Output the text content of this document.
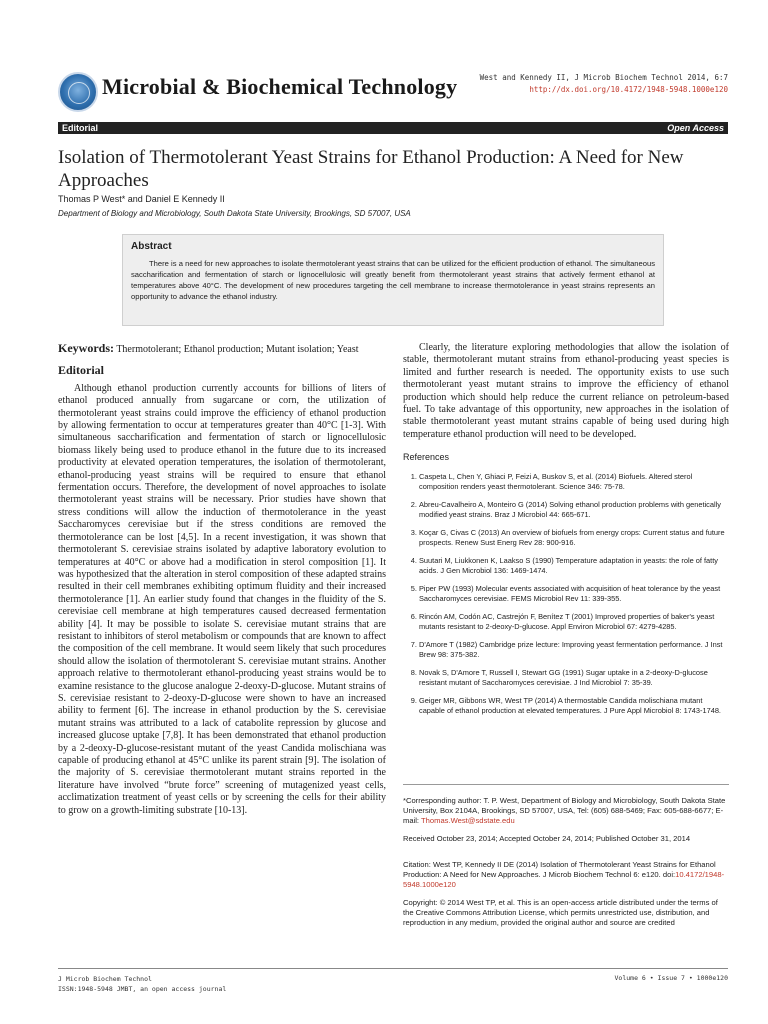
Microbial & Biochemical Technology	West and Kennedy II, J Microb Biochem Technol 2014, 6:7
http://dx.doi.org/10.4172/1948-5948.1000e120
Editorial	Open Access
Isolation of Thermotolerant Yeast Strains for Ethanol Production: A Need for New Approaches
Thomas P West* and Daniel E Kennedy II
Department of Biology and Microbiology, South Dakota State University, Brookings, SD 57007, USA
Abstract

There is a need for new approaches to isolate thermotolerant yeast strains that can be utilized for the efficient production of ethanol. The simultaneous saccharification and fermentation of starch or lignocellulosic will greatly benefit from thermotolerant yeast strains that actively ferment ethanol at temperatures above 40°C. The development of new procedures targeting the cell membrane to increase thermotolerance in yeast strains represents an opportunity to advance the ethanol industry.

Keywords: Thermotolerant; Ethanol production; Mutant isolation; Yeast
Editorial

Although ethanol production currently accounts for billions of liters of ethanol produced annually from sugarcane or corn, the utilization of thermotolerant yeast strains could improve the efficiency of ethanol production by allowing fermentation to occur at temperatures greater than 40°C [1-3]. With simultaneous saccharification and fermentation of starch or lignocellulosic biomass likely being used to produce ethanol in the future due to its increased productivity at elevated operation temperatures, the isolation of thermotolerant, ethanol-producing yeast strains will be required to ensure that ethanol fermentation occurs. Therefore, the development of novel approaches to isolate thermotolerant yeast strains will be necessary. Prior studies have shown that stress conditions will allow the induction of thermotolerance in the yeast Saccharomyces cerevisiae but if the stress conditions are removed the thermotolerance can be lost [4,5]. In a recent investigation, it was shown that thermotolerant S. cerevisiae strains isolated by adaptive laboratory evolution to temperatures at 40°C or above had a modification in sterol composition [1]. It was hypothesized that the alteration in sterol composition of these adapted strains resulted in their cell membranes exhibiting optimum fluidity and their increased thermotolerance [1]. An earlier study found that changes in the fluidity of the S. cerevisiae cell membrane at high temperatures caused decreased fermentation ability [4]. It may be possible to isolate S. cerevisiae mutant strains that are resistant to inhibitors of sterol metabolism or compounds that are known to affect the composition of the cell membrane. It would seem likely that such procedures should allow the isolation of thermotolerant S. cerevisiae mutant strains. Another approach relative to thermotolerant ethanol-producing yeast strains would be to examine resistance to the glucose analogue 2-deoxy-D-glucose. Mutant strains of S. cerevisiae resistant to 2-deoxy-D-glucose were shown to have an increased ability to ferment [6]. The increase in ethanol production by the S. cerevisiae mutant strains was attributed to a lack of catabolite repression by glucose and increased glucose uptake [7,8]. It has been demonstrated that ethanol production by a 2-deoxy-D-glucose-resistant mutant of the yeast Candida molischiana was capable of producing ethanol at 45°C unlike its parent strain [9]. The isolation of the majority of S. cerevisiae thermotolerant mutant strains reported in the literature have involved “brute force” screening of mutagenized yeast cells, acclimatization treatment of yeast cells or by screening the cells for their ability to grow on a growth-limiting substrate [10-13].

Clearly, the literature exploring methodologies that allow the isolation of stable, thermotolerant mutant strains from ethanol-producing yeast species is limited and further research is needed. The opportunity exists to use such thermotolerant yeast mutant strains to improve the efficiency of ethanol production which should help reduce the current reliance on petroleum-based fuel. To take advantage of this opportunity, new approaches in the isolation of stable thermotolerant yeast mutant strains capable of being used during high temperature ethanol production will need to be developed.

References
1. Caspeta L, Chen Y, Ghiaci P, Feizi A, Buskov S, et al. (2014) Biofuels. Altered sterol composition renders yeast thermotolerant. Science 346: 75-78.
2. Abreu-Cavalheiro A, Monteiro G (2014) Solving ethanol production problems with genetically modified yeast strains. Braz J Microbiol 44: 665-671.
3. Koçar G, Civas C (2013) An overview of biofuels from energy crops: Current status and future prospects. Renew Sust Energ Rev 28: 900-916.
4. Suutari M, Liukkonen K, Laakso S (1990) Temperature adaptation in yeasts: the role of fatty acids. J Gen Microbiol 136: 1469-1474.
5. Piper PW (1993) Molecular events associated with acquisition of heat tolerance by the yeast Saccharomyces cerevisiae. FEMS Microbiol Rev 11: 339-355.
6. Rincón AM, Codón AC, Castrejón F, Benítez T (2001) Improved properties of baker's yeast mutants resistant to 2-deoxy-D-glucose. Appl Environ Microbiol 67: 4279-4285.
7. D'Amore T (1982) Cambridge prize lecture: Improving yeast fermentation performance. J Inst Brew 98: 375-382.
8. Novak S, D'Amore T, Russell I, Stewart GG (1991) Sugar uptake in a 2-deoxy-D-glucose resistant mutant of Saccharomyces cerevisiae. J Ind Microbiol 7: 35-39.
9. Geiger MR, Gibbons WR, West TP (2014) A thermostable Candida molischiana mutant capable of ethanol production at elevated temperatures. J Pure Appl Microbiol 8: 1743-1748.
*Corresponding author: T. P. West, Department of Biology and Microbiology, South Dakota State University, Box 2104A, Brookings, SD 57007, USA, Tel: (605) 688-5469; Fax: 605-688-6677; E-mail: Thomas.West@sdstate.edu
Received October 23, 2014; Accepted October 24, 2014; Published October 31, 2014
Citation: West TP, Kennedy II DE (2014) Isolation of Thermotolerant Yeast Strains for Ethanol Production: A Need for New Approaches. J Microb Biochem Technol 6: e120. doi:10.4172/1948-5948.1000e120
Copyright: © 2014 West TP, et al. This is an open-access article distributed under the terms of the Creative Commons Attribution License, which permits unrestricted use, distribution, and reproduction in any medium, provided the original author and source are credited
J Microb Biochem Technol
ISSN:1948-5948 JMBT, an open access journal
Volume 6 • Issue 7 • 1000e120
